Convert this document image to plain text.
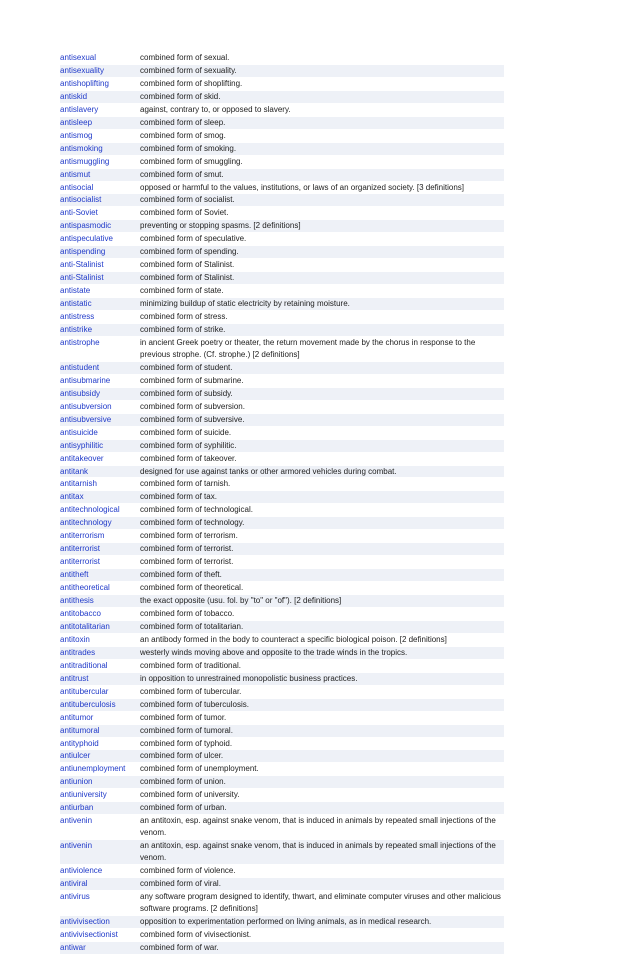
antisexual	combined form of sexual.
antisexuality	combined form of sexuality.
antishoplifting	combined form of shoplifting.
antiskid	combined form of skid.
antislavery	against, contrary to, or opposed to slavery.
antisleep	combined form of sleep.
antismog	combined form of smog.
antismoking	combined form of smoking.
antismuggling	combined form of smuggling.
antismut	combined form of smut.
antisocial	opposed or harmful to the values, institutions, or laws of an organized society. [3 definitions]
antisocialist	combined form of socialist.
anti-Soviet	combined form of Soviet.
antispasmodic	preventing or stopping spasms. [2 definitions]
antispeculative	combined form of speculative.
antispending	combined form of spending.
anti-Stalinist	combined form of Stalinist.
anti-Stalinist	combined form of Stalinist.
antistate	combined form of state.
antistatic	minimizing buildup of static electricity by retaining moisture.
antistress	combined form of stress.
antistrike	combined form of strike.
antistrophe	in ancient Greek poetry or theater, the return movement made by the chorus in response to the previous strophe. (Cf. strophe.) [2 definitions]
antistudent	combined form of student.
antisubmarine	combined form of submarine.
antisubsidy	combined form of subsidy.
antisubversion	combined form of subversion.
antisubversive	combined form of subversive.
antisuicide	combined form of suicide.
antisyphilitic	combined form of syphilitic.
antitakeover	combined form of takeover.
antitank	designed for use against tanks or other armored vehicles during combat.
antitarnish	combined form of tarnish.
antitax	combined form of tax.
antitechnological	combined form of technological.
antitechnology	combined form of technology.
antiterrorism	combined form of terrorism.
antiterrorist	combined form of terrorist.
antiterrorist	combined form of terrorist.
antitheft	combined form of theft.
antitheoretical	combined form of theoretical.
antithesis	the exact opposite (usu. fol. by "to" or "of"). [2 definitions]
antitobacco	combined form of tobacco.
antitotalitarian	combined form of totalitarian.
antitoxin	an antibody formed in the body to counteract a specific biological poison. [2 definitions]
antitrades	westerly winds moving above and opposite to the trade winds in the tropics.
antitraditional	combined form of traditional.
antitrust	in opposition to unrestrained monopolistic business practices.
antitubercular	combined form of tubercular.
antituberculosis	combined form of tuberculosis.
antitumor	combined form of tumor.
antitumoral	combined form of tumoral.
antityphoid	combined form of typhoid.
antiulcer	combined form of ulcer.
antiunemployment	combined form of unemployment.
antiunion	combined form of union.
antiuniversity	combined form of university.
antiurban	combined form of urban.
antivenin	an antitoxin, esp. against snake venom, that is induced in animals by repeated small injections of the venom.
antivenin	an antitoxin, esp. against snake venom, that is induced in animals by repeated small injections of the venom.
antiviolence	combined form of violence.
antiviral	combined form of viral.
antivirus	any software program designed to identify, thwart, and eliminate computer viruses and other malicious software programs. [2 definitions]
antivivisection	opposition to experimentation performed on living animals, as in medical research.
antivivisectionist	combined form of vivisectionist.
antiwar	combined form of war.
